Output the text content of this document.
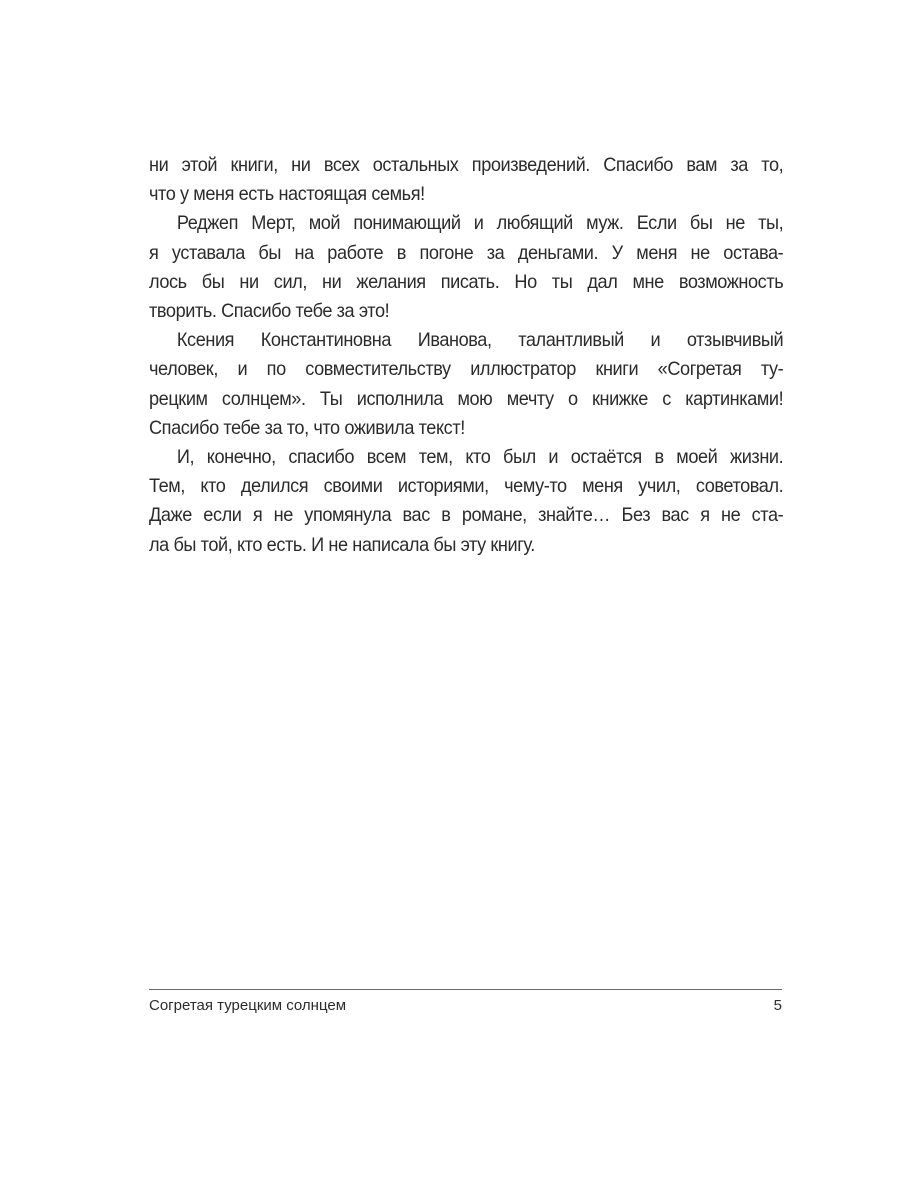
ни этой книги, ни всех остальных произведений. Спасибо вам за то,
что у меня есть настоящая семья!

Реджеп Мерт, мой понимающий и любящий муж. Если бы не ты,
я уставала бы на работе в погоне за деньгами. У меня не остава-
лось бы ни сил, ни желания писать. Но ты дал мне возможность
творить. Спасибо тебе за это!

Ксения Константиновна Иванова, талантливый и отзывчивый
человек, и по совместительству иллюстратор книги «Согретая ту-
рецким солнцем». Ты исполнила мою мечту о книжке с картинками!
Спасибо тебе за то, что оживила текст!

И, конечно, спасибо всем тем, кто был и остаётся в моей жизни.
Тем, кто делился своими историями, чему-то меня учил, советовал.
Даже если я не упомянула вас в романе, знайте… Без вас я не ста-
ла бы той, кто есть. И не написала бы эту книгу.

Согретая турецким солнцем	5
